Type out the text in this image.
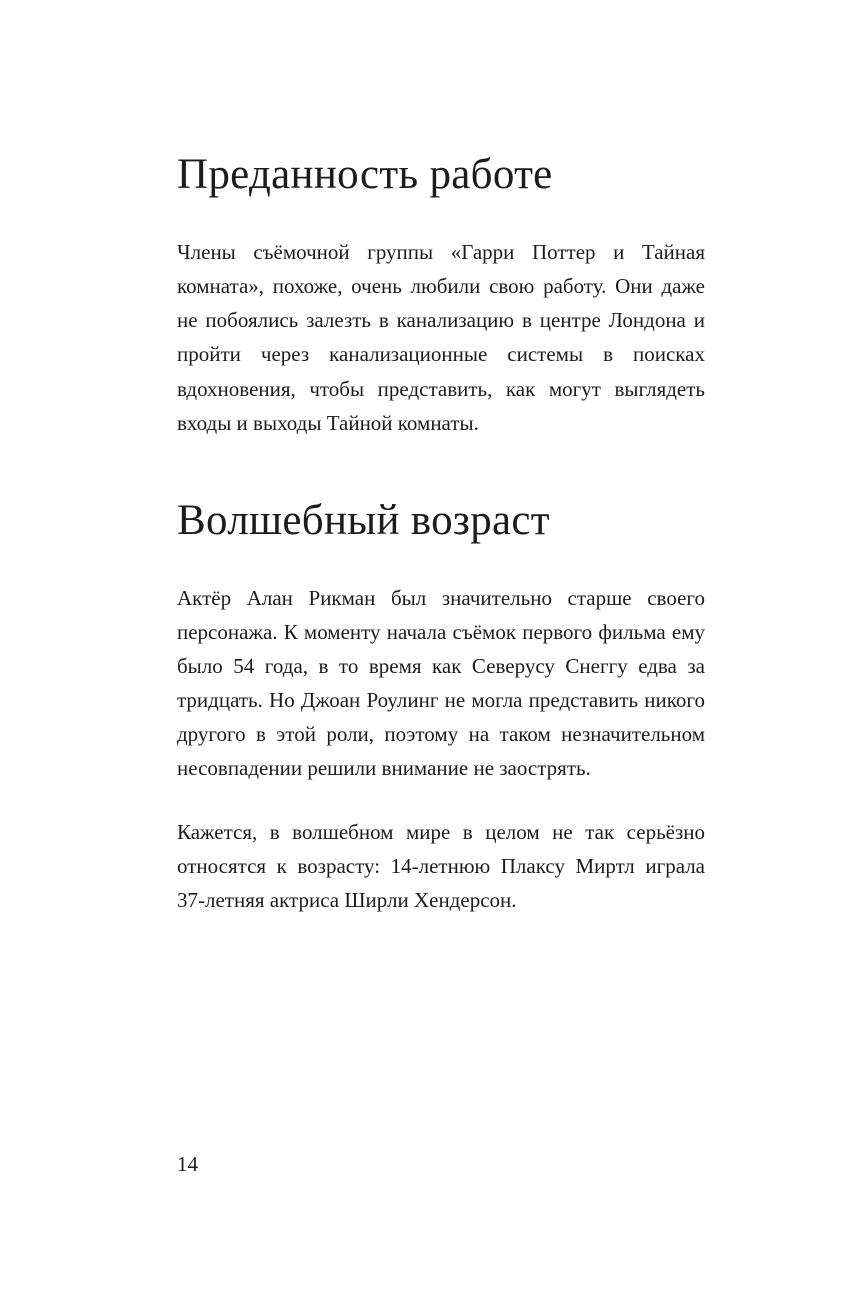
Преданность работе

Члены съёмочной группы «Гарри Поттер и Тайная комната», похоже, очень любили свою работу. Они даже не побоялись залезть в канализацию в центре Лондона и пройти через канализационные системы в поисках вдохновения, чтобы представить, как могут выглядеть входы и выходы Тайной комнаты.

Волшебный возраст

Актёр Алан Рикман был значительно старше своего персонажа. К моменту начала съёмок первого фильма ему было 54 года, в то время как Северусу Снеггу едва за тридцать. Но Джоан Роулинг не могла представить никого другого в этой роли, поэтому на таком незначительном несовпадении решили внимание не заострять.

Кажется, в волшебном мире в целом не так серьёзно относятся к возрасту: 14-летнюю Плаксу Миртл играла 37-летняя актриса Ширли Хендерсон.

14
